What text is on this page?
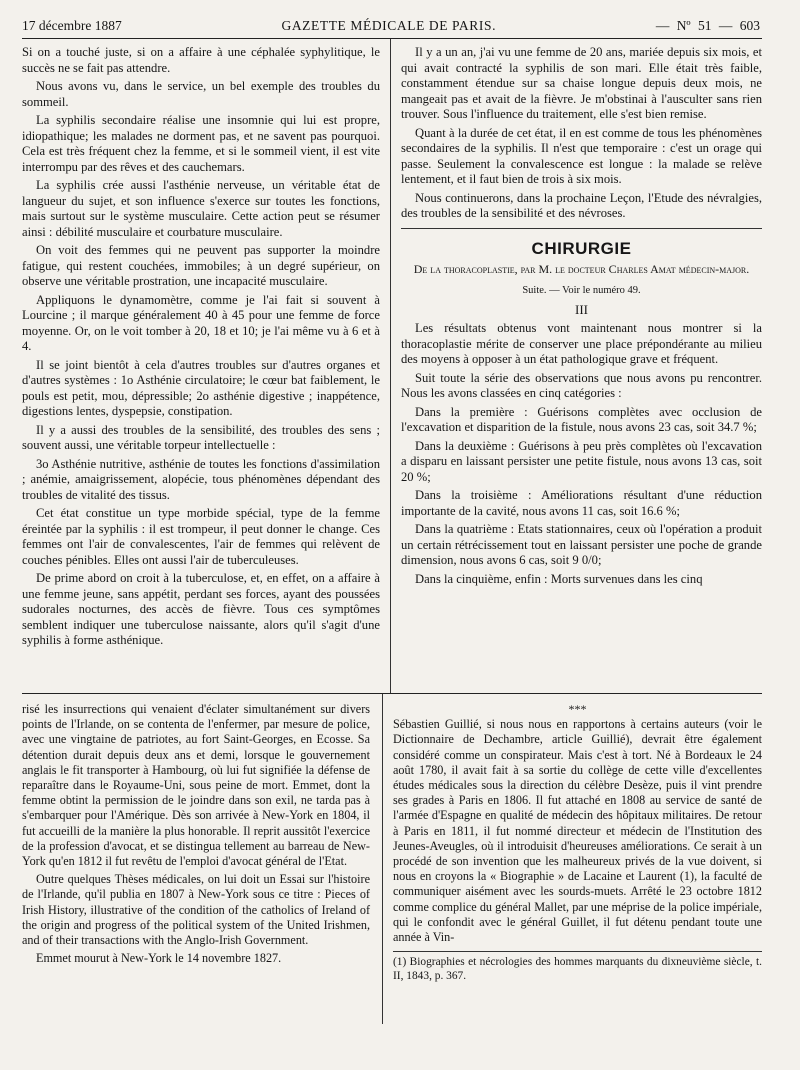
17 décembre 1887	GAZETTE MÉDICALE DE PARIS.	— Nº 51 — 603

Si on a touché juste, si on a affaire à une céphalée syphylitique, le succès ne se fait pas attendre.

Nous avons vu, dans le service, un bel exemple des troubles du sommeil.

La syphilis secondaire réalise une insomnie qui lui est propre, idiopathique; les malades ne dorment pas, et ne savent pas pourquoi. Cela est très fréquent chez la femme, et si le sommeil vient, il est vite interrompu par des rêves et des cauchemars.

La syphilis crée aussi l'asthénie nerveuse, un véritable état de langueur du sujet, et son influence s'exerce sur toutes les fonctions, mais surtout sur le système musculaire. Cette action peut se résumer ainsi : débilité musculaire et courbature musculaire.

On voit des femmes qui ne peuvent pas supporter la moindre fatigue, qui restent couchées, immobiles; à un degré supérieur, on observe une véritable prostration, une incapacité musculaire.

Appliquons le dynamomètre, comme je l'ai fait si souvent à Lourcine ; il marque généralement 40 à 45 pour une femme de force moyenne. Or, on le voit tomber à 20, 18 et 10; je l'ai même vu à 6 et à 4.

Il se joint bientôt à cela d'autres troubles sur d'autres organes et d'autres systèmes : 1o Asthénie circulatoire; le cœur bat faiblement, le pouls est petit, mou, dépressible; 2o asthénie digestive ; inappétence, digestions lentes, dyspepsie, constipation.

Il y a aussi des troubles de la sensibilité, des troubles des sens ; souvent aussi, une véritable torpeur intellectuelle :

3o Asthénie nutritive, asthénie de toutes les fonctions d'assimilation ; anémie, amaigrissement, alopécie, tous phénomènes dépendant des troubles de vitalité des tissus.

Cet état constitue un type morbide spécial, type de la femme éreintée par la syphilis : il est trompeur, il peut donner le change. Ces femmes ont l'air de convalescentes, l'air de femmes qui relèvent de couches pénibles. Elles ont aussi l'air de tuberculeuses.

De prime abord on croit à la tuberculose, et, en effet, on a affaire à une femme jeune, sans appétit, perdant ses forces, ayant des poussées sudorales nocturnes, des accès de fièvre. Tous ces symptômes semblent indiquer une tuberculose naissante, alors qu'il s'agit d'une syphilis à forme asthénique.

Il y a un an, j'ai vu une femme de 20 ans, mariée depuis six mois, et qui avait contracté la syphilis de son mari. Elle était très faible, constamment étendue sur sa chaise longue depuis deux mois, ne mangeait pas et avait de la fièvre. Je m'obstinai à l'ausculter sans rien trouver. Sous l'influence du traitement, elle s'est bien remise.

Quant à la durée de cet état, il en est comme de tous les phénomènes secondaires de la syphilis. Il n'est que temporaire : c'est un orage qui passe. Seulement la convalescence est longue : la malade se relève lentement, et il faut bien de trois à six mois.

Nous continuerons, dans la prochaine Leçon, l'Etude des névralgies, des troubles de la sensibilité et des névroses.

CHIRURGIE
De la thoracoplastie, par M. le docteur Charles Amat médecin-major.
Suite. — Voir le numéro 49.
III

Les résultats obtenus vont maintenant nous montrer si la thoracoplastie mérite de conserver une place prépondérante au milieu des moyens à opposer à un état pathologique grave et fréquent.

Suit toute la série des observations que nous avons pu rencontrer. Nous les avons classées en cinq catégories :

Dans la première : Guérisons complètes avec occlusion de l'excavation et disparition de la fistule, nous avons 23 cas, soit 34.7 %;

Dans la deuxième : Guérisons à peu près complètes où l'excavation a disparu en laissant persister une petite fistule, nous avons 13 cas, soit 20 %;

Dans la troisième : Améliorations résultant d'une réduction importante de la cavité, nous avons 11 cas, soit 16.6 %;

Dans la quatrième : Etats stationnaires, ceux où l'opération a produit un certain rétrécissement tout en laissant persister une poche de grande dimension, nous avons 6 cas, soit 9 0/0;

Dans la cinquième, enfin : Morts survenues dans les cinq

risé les insurrections qui venaient d'éclater simultanément sur divers points de l'Irlande, on se contenta de l'enfermer, par mesure de police, avec une vingtaine de patriotes, au fort Saint-Georges, en Ecosse. Sa détention durait depuis deux ans et demi, lorsque le gouvernement anglais le fit transporter à Hambourg, où lui fut signifiée la défense de reparaître dans le Royaume-Uni, sous peine de mort. Emmet, dont la femme obtint la permission de le joindre dans son exil, ne tarda pas à s'embarquer pour l'Amérique. Dès son arrivée à New-York en 1804, il fut accueilli de la manière la plus honorable. Il reprit aussitôt l'exercice de la profession d'avocat, et se distingua tellement au barreau de New-York qu'en 1812 il fut revêtu de l'emploi d'avocat général de l'Etat.

Outre quelques Thèses médicales, on lui doit un Essai sur l'histoire de l'Irlande, qu'il publia en 1807 à New-York sous ce titre : Pieces of Irish History, illustrative of the condition of the catholics of Ireland of the origin and progress of the political system of the United Irishmen, and of their transactions with the Anglo-Irish Government.

Emmet mourut à New-York le 14 novembre 1827.

***

Sébastien Guillié, si nous nous en rapportons à certains auteurs (voir le Dictionnaire de Dechambre, article Guillié), devrait être également considéré comme un conspirateur. Mais c'est à tort. Né à Bordeaux le 24 août 1780, il avait fait à sa sortie du collège de cette ville d'excellentes études médicales sous la direction du célèbre Desèze, puis il vint prendre ses grades à Paris en 1806. Il fut attaché en 1808 au service de santé de l'armée d'Espagne en qualité de médecin des hôpitaux militaires. De retour à Paris en 1811, il fut nommé directeur et médecin de l'Institution des Jeunes-Aveugles, où il introduisit d'heureuses améliorations. Ce serait à un procédé de son invention que les malheureux privés de la vue doivent, si nous en croyons la « Biographie » de Lacaine et Laurent (1), la faculté de communiquer aisément avec les sourds-muets. Arrêté le 23 octobre 1812 comme complice du général Mallet, par une méprise de la police impériale, qui le confondit avec le général Guillet, il fut détenu pendant toute une année à Vin-

(1) Biographies et nécrologies des hommes marquants du dixneuvième siècle, t. II, 1843, p. 367.
